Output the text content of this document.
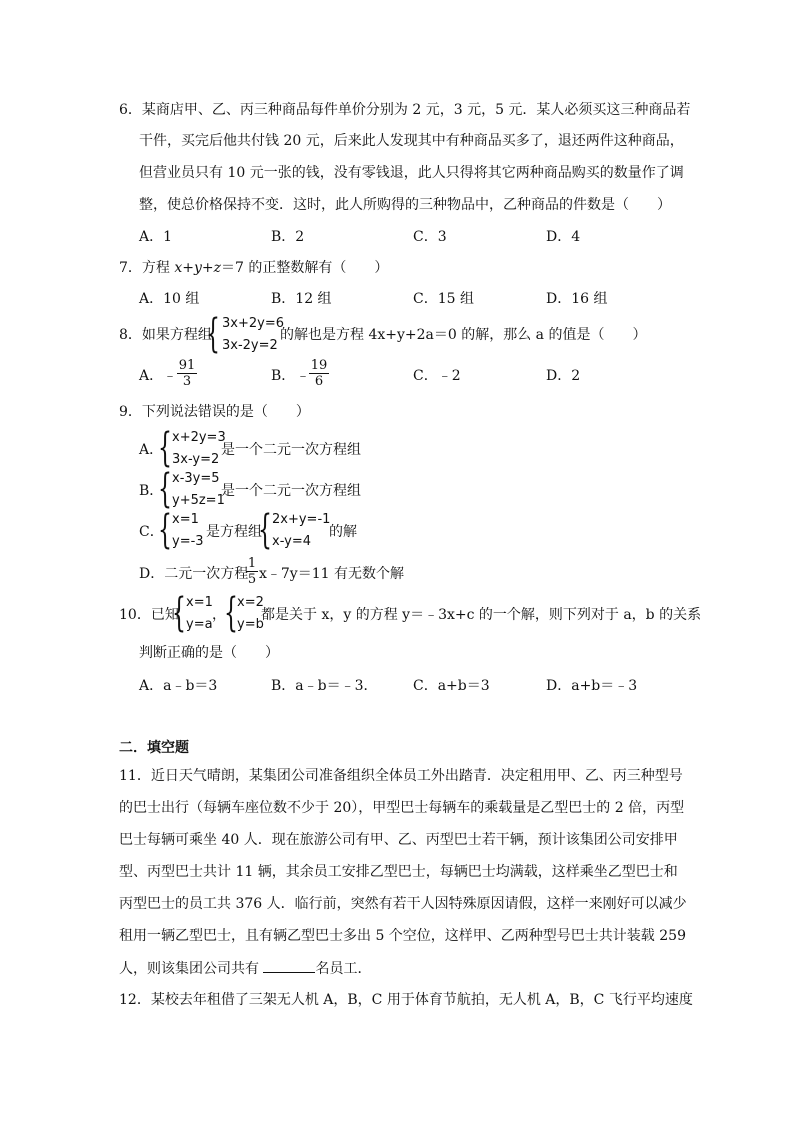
6．某商店甲、乙、丙三种商品每件单价分别为 2 元，3 元，5 元．某人必须买这三种商品若
干件，买完后他共付钱 20 元，后来此人发现其中有种商品买多了，退还两件这种商品，
但营业员只有 10 元一张的钱，没有零钱退，此人只得将其它两种商品购买的数量作了调
整，使总价格保持不变．这时，此人所购得的三种物品中，乙种商品的件数是（　　）
A．1	B．2	C．3	D．4
7．方程 x+y+z＝7 的正整数解有（　　）
A．10 组	B．12 组	C．15 组	D．16 组
8．如果方程组
{ 3x+2y=6
3x-2y=2
的解也是方程 4x+y+2a＝0 的解，那么 a 的值是（　　）
A． ﹣ $\frac{91}{3}$	B． ﹣ $\frac{19}{6}$	C．﹣2	D．2
9．下列说法错误的是（　　）
A．
{ x+2y=3
3x-y=2
是一个二元一次方程组
B．
{ x-3y=5
y+5z=1
是一个二元一次方程组
C．
{ x=1
y=-3
是方程组
{ 2x+y=-1
x-y=4
的解
D．二元一次方程
$\frac{1}{5}$ x﹣7y＝11 有无数个解
10．已知
{ x=1
y=a
，
{ x=2
y=b
都是关于 x，y 的方程 y＝﹣3x+c 的一个解，则下列对于 a，b 的关系
判断正确的是（　　）
A．a﹣b＝3	B．a﹣b＝﹣3．	C．a+b＝3	D．a+b＝﹣3
二．填空题
11．近日天气晴朗，某集团公司准备组织全体员工外出踏青．决定租用甲、乙、丙三种型号
的巴士出行（每辆车座位数不少于 20），甲型巴士每辆车的乘载量是乙型巴士的 2 倍，丙型
巴士每辆可乘坐 40 人．现在旅游公司有甲、乙、丙型巴士若干辆，预计该集团公司安排甲
型、丙型巴士共计 11 辆，其余员工安排乙型巴士，每辆巴士均满载，这样乘坐乙型巴士和
丙型巴士的员工共 376 人．临行前，突然有若干人因特殊原因请假，这样一来刚好可以减少
租用一辆乙型巴士，且有辆乙型巴士多出 5 个空位，这样甲、乙两种型号巴士共计装载 259
人，则该集团公司共有	名员工．
12．某校去年租借了三架无人机 A，B，C 用于体育节航拍，无人机 A，B，C 飞行平均速度
